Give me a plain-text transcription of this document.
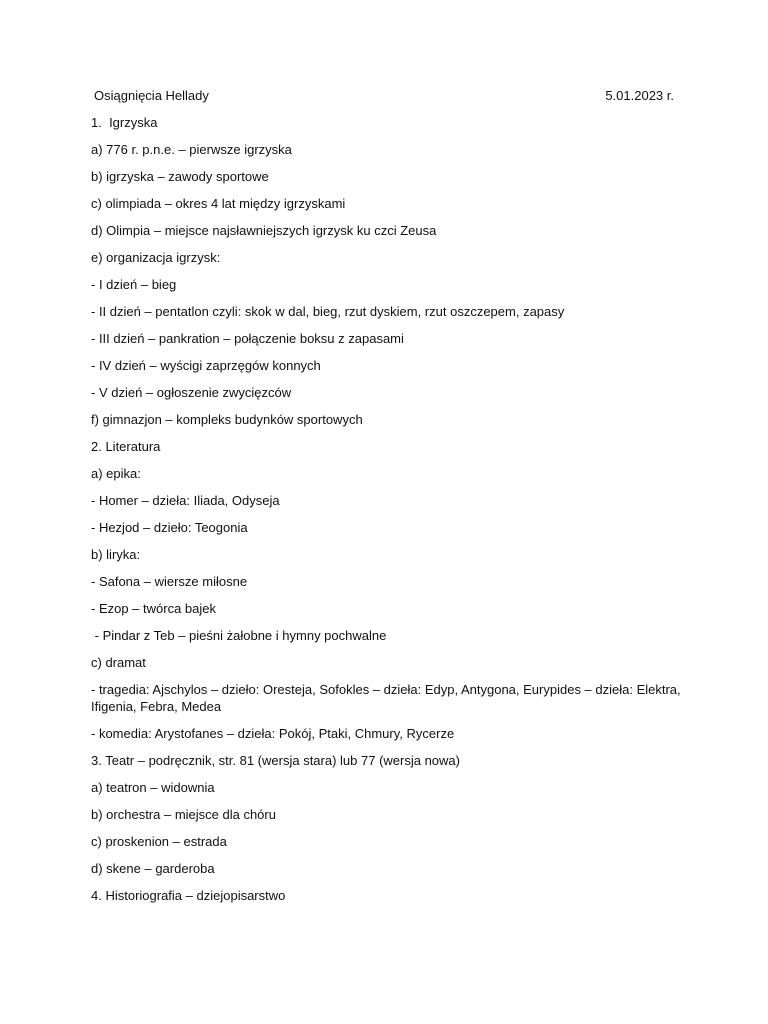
Osiągnięcia Hellady	5.01.2023 r.
1.  Igrzyska
a) 776 r. p.n.e. – pierwsze igrzyska
b) igrzyska – zawody sportowe
c) olimpiada – okres 4 lat między igrzyskami
d) Olimpia – miejsce najsławniejszych igrzysk ku czci Zeusa
e) organizacja igrzysk:
- I dzień – bieg
- II dzień – pentatlon czyli: skok w dal, bieg, rzut dyskiem, rzut oszczepem, zapasy
- III dzień – pankration – połączenie boksu z zapasami
- IV dzień – wyścigi zaprzęgów konnych
- V dzień – ogłoszenie zwycięzców
f) gimnazjon – kompleks budynków sportowych
2. Literatura
a) epika:
- Homer – dzieła: Iliada, Odyseja
- Hezjod – dzieło: Teogonia
b) liryka:
- Safona – wiersze miłosne
- Ezop – twórca bajek
- Pindar z Teb – pieśni żałobne i hymny pochwalne
c) dramat
- tragedia: Ajschylos – dzieło: Oresteja, Sofokles – dzieła: Edyp, Antygona, Eurypides – dzieła: Elektra, Ifigenia, Febra, Medea
- komedia: Arystofanes – dzieła: Pokój, Ptaki, Chmury, Rycerze
3. Teatr – podręcznik, str. 81 (wersja stara) lub 77 (wersja nowa)
a) teatron – widownia
b) orchestra – miejsce dla chóru
c) proskenion – estrada
d) skene – garderoba
4. Historiografia – dziejopisarstwo
